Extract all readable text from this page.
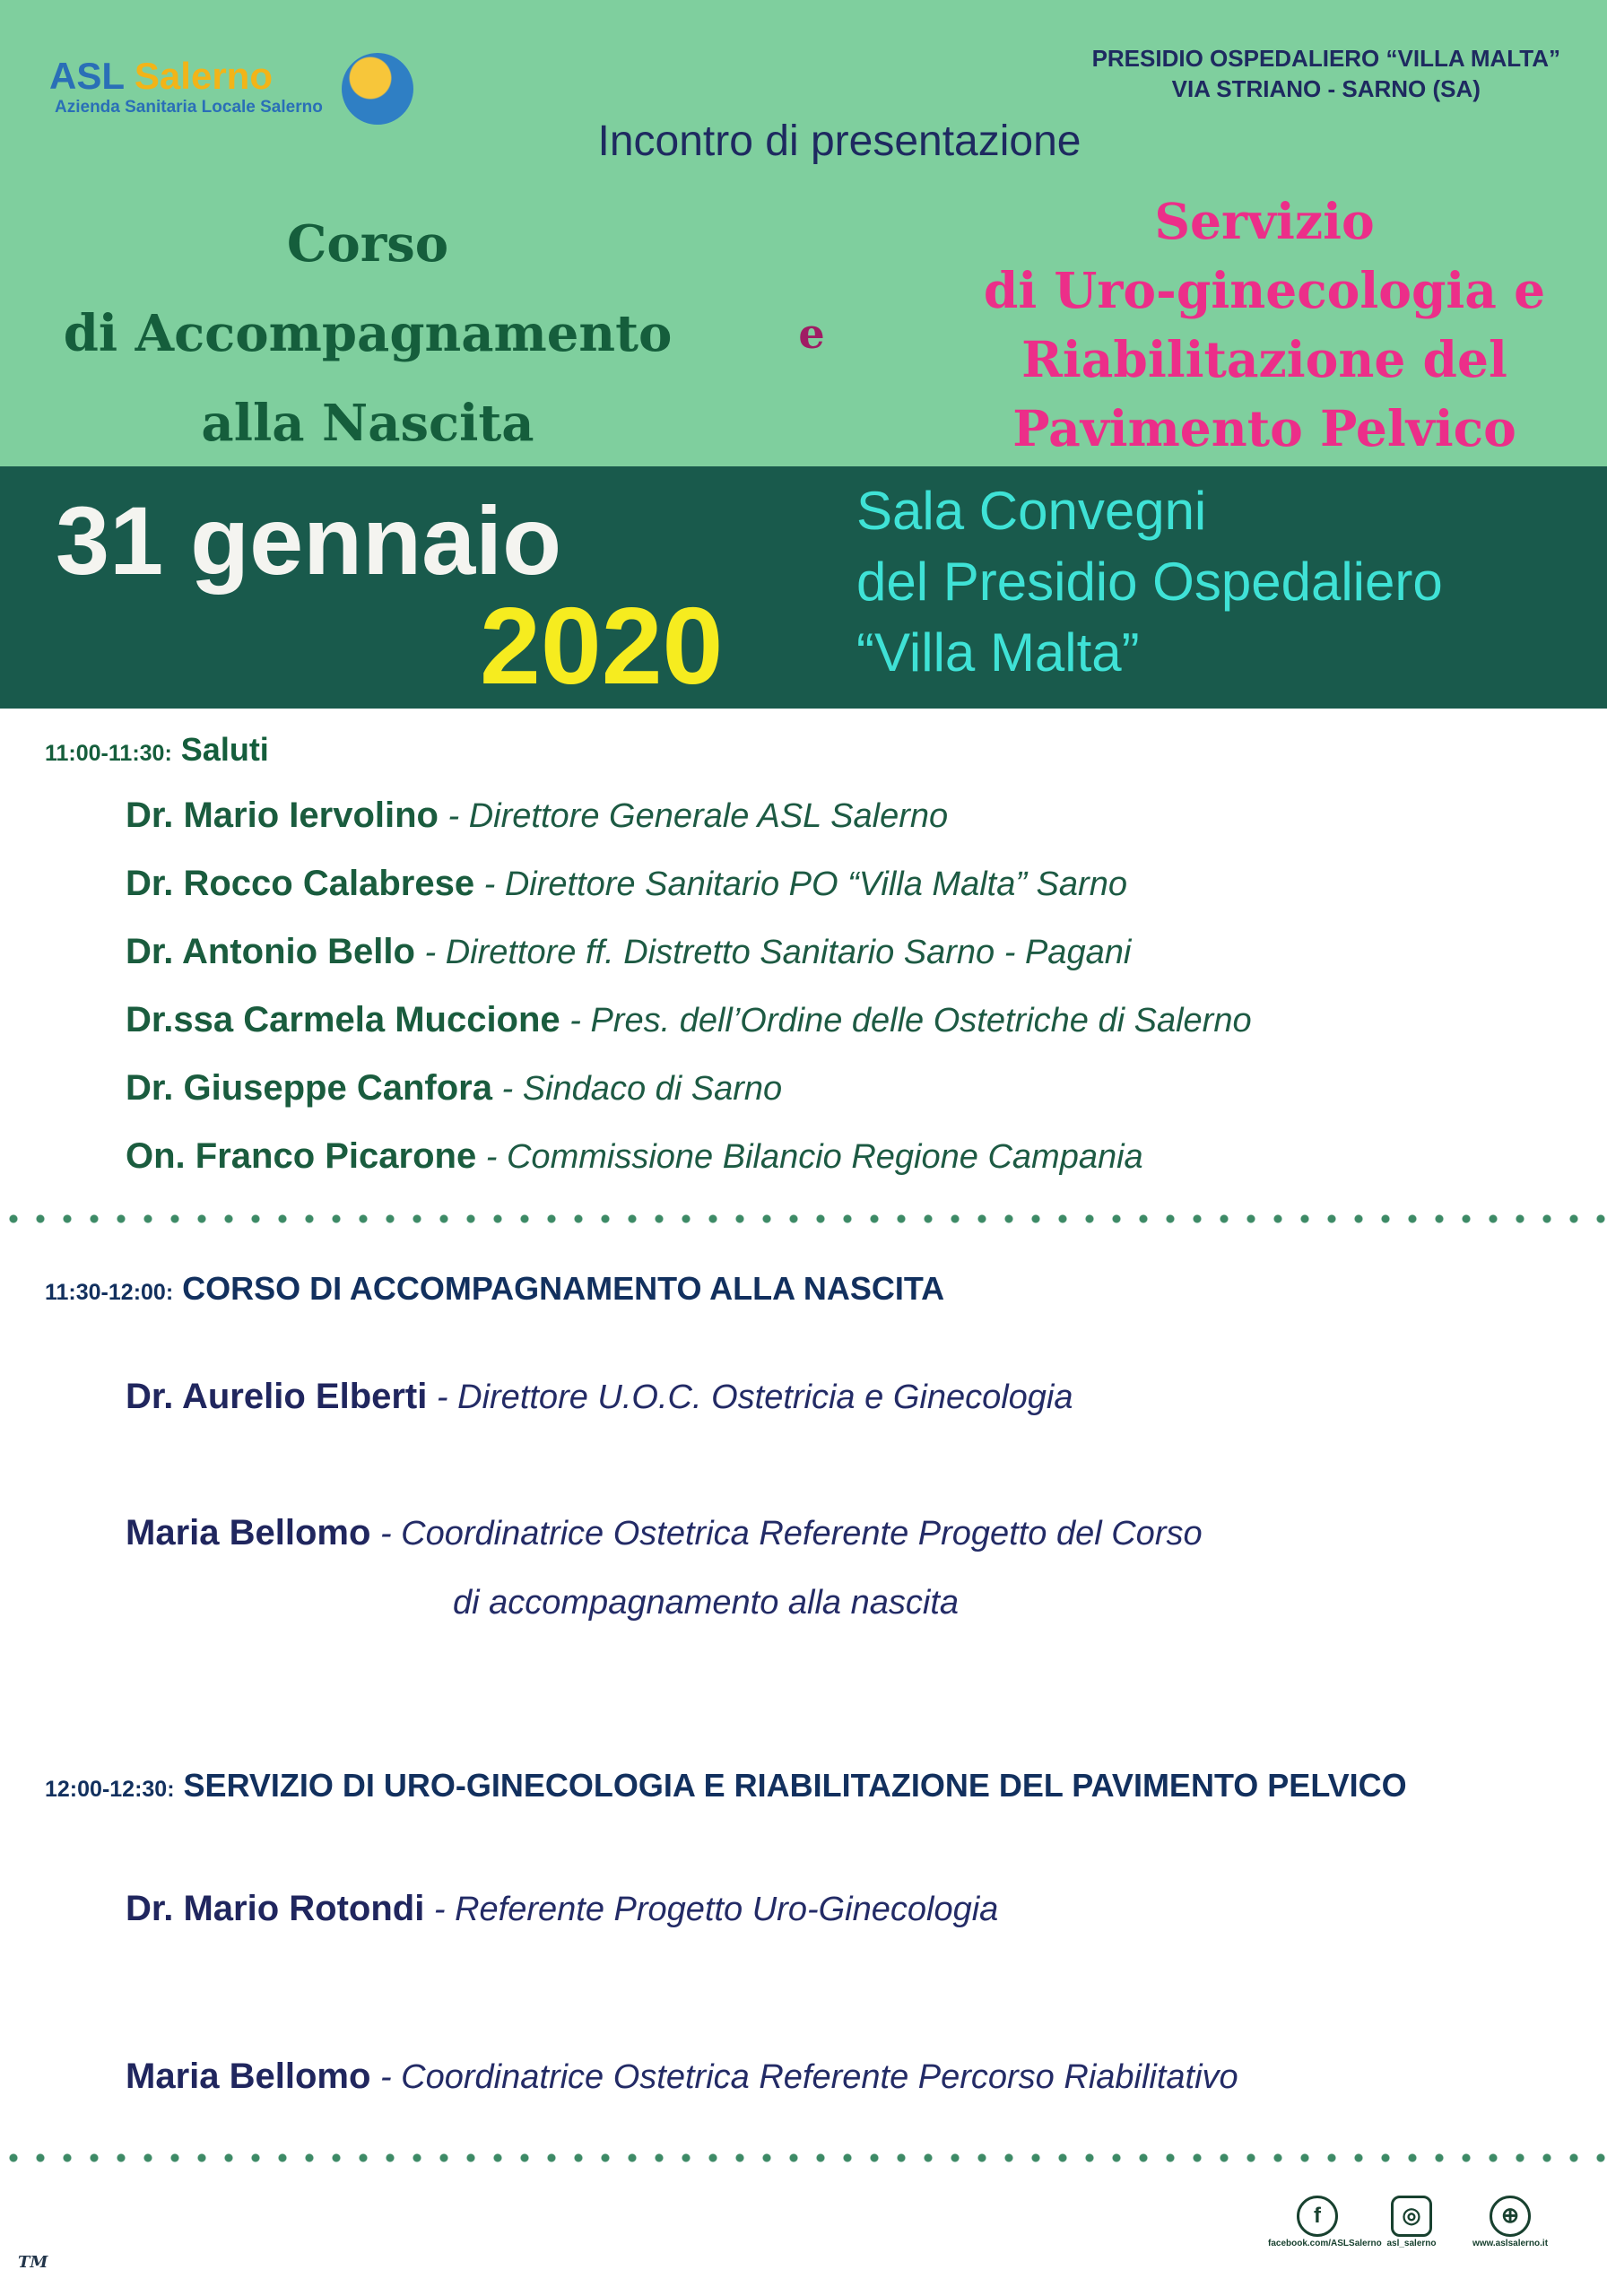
ASL Salerno
Azienda Sanitaria Locale Salerno
PRESIDIO OSPEDALIERO “VILLA MALTA”
VIA STRIANO - SARNO (SA)
Incontro di presentazione
Corso
di Accompagnamento
alla Nascita
e
Servizio
di Uro-ginecologia e
Riabilitazione del
Pavimento Pelvico
31 gennaio
2020
Sala Convegni
del Presidio Ospedaliero
“Villa Malta”
11:00-11:30: Saluti
Dr. Mario Iervolino - Direttore Generale ASL Salerno
Dr. Rocco Calabrese - Direttore Sanitario PO “Villa Malta” Sarno
Dr. Antonio Bello - Direttore ff. Distretto Sanitario Sarno - Pagani
Dr.ssa Carmela Muccione - Pres. dell’Ordine delle Ostetriche di Salerno
Dr. Giuseppe Canfora - Sindaco di Sarno
On. Franco Picarone - Commissione Bilancio Regione Campania
11:30-12:00: CORSO DI ACCOMPAGNAMENTO ALLA NASCITA
Dr. Aurelio Elberti - Direttore U.O.C. Ostetricia e Ginecologia
Maria Bellomo - Coordinatrice Ostetrica Referente Progetto del Corso
di accompagnamento alla nascita
12:00-12:30: SERVIZIO DI URO-GINECOLOGIA E RIABILITAZIONE DEL PAVIMENTO PELVICO
Dr. Mario Rotondi - Referente Progetto Uro-Ginecologia
Maria Bellomo - Coordinatrice Ostetrica Referente Percorso Riabilitativo
f
facebook.com/ASLSalerno
◎
asl_salerno
⊕
www.aslsalerno.it
TM
